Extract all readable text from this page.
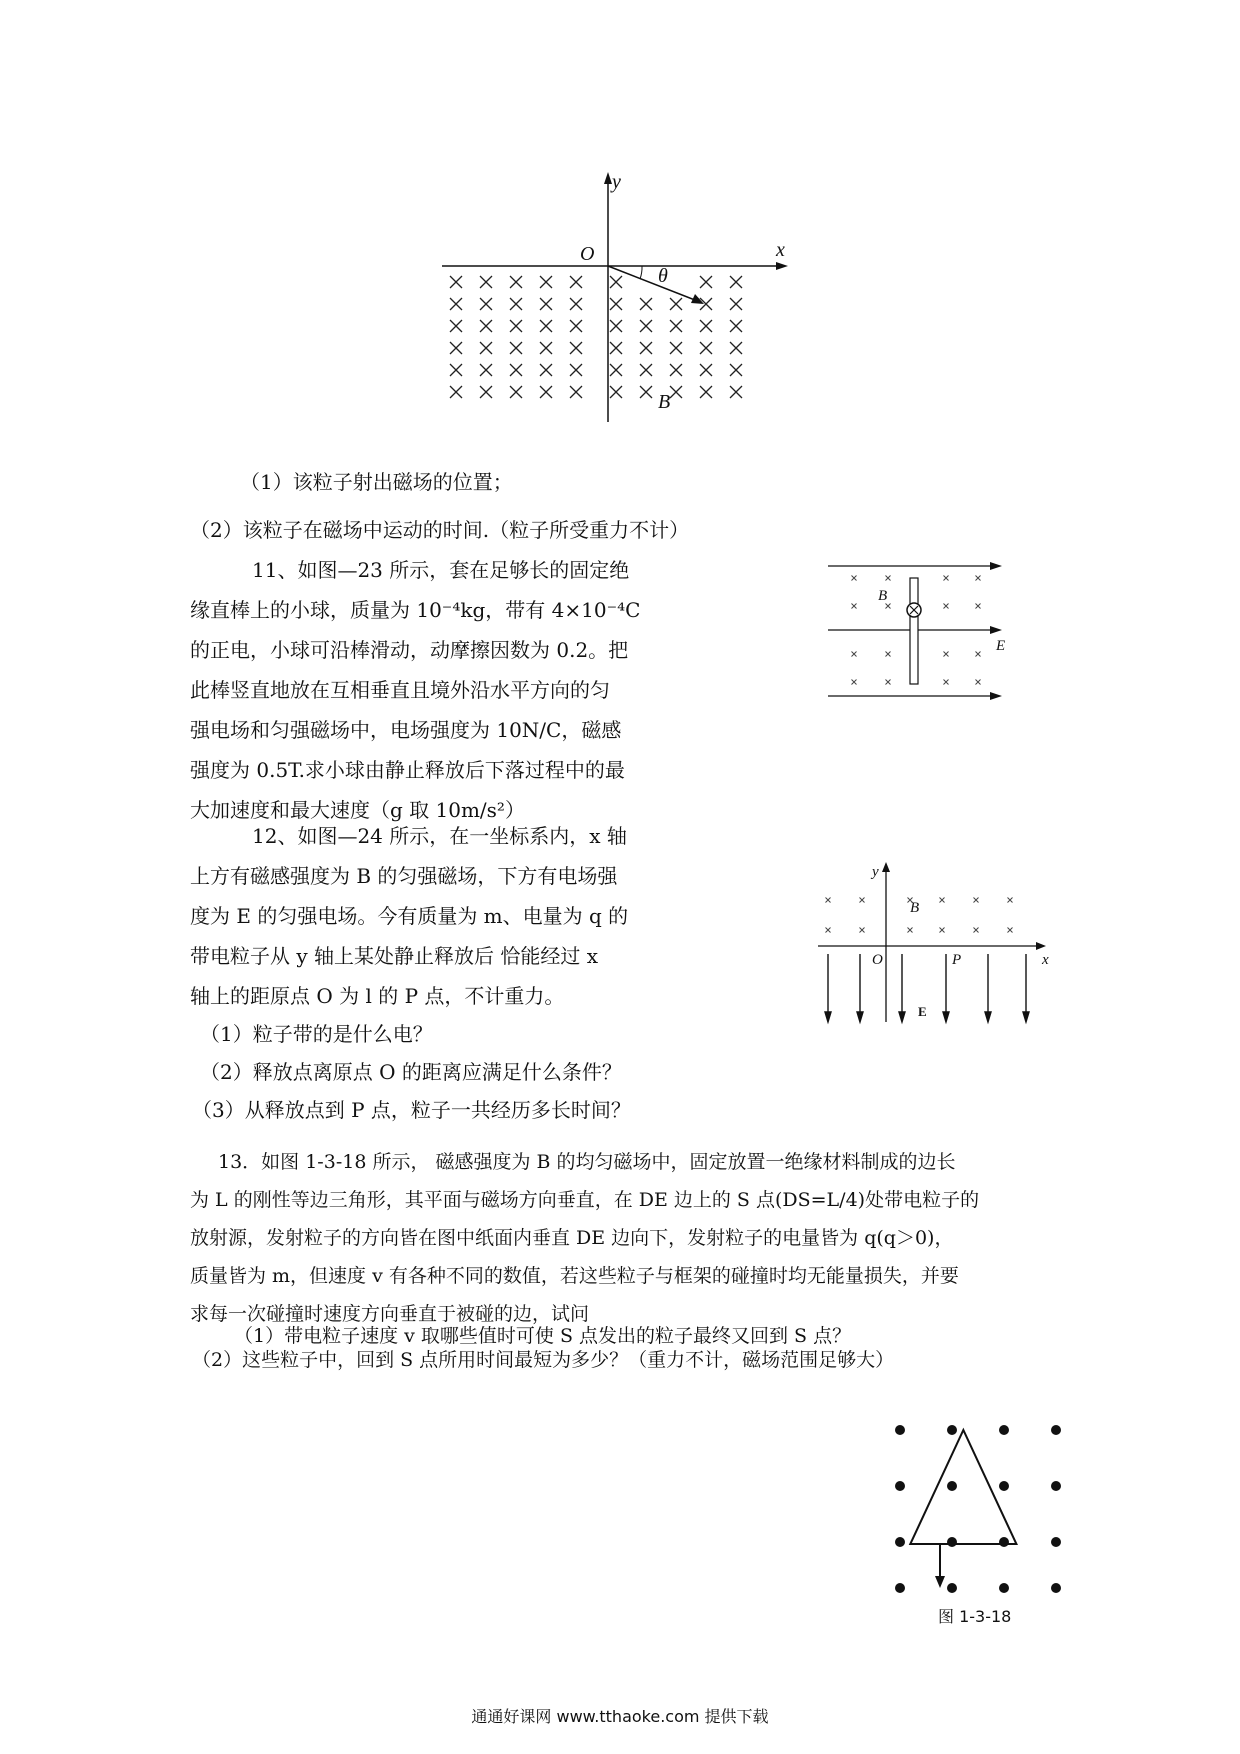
y
x
O
θ
B
（1）该粒子射出磁场的位置；
（2）该粒子在磁场中运动的时间.（粒子所受重力不计）
11、如图—23 所示，套在足够长的固定绝
缘直棒上的小球，质量为 10⁻⁴kg，带有 4×10⁻⁴C
的正电，小球可沿棒滑动，动摩擦因数为 0.2。把
此棒竖直地放在互相垂直且境外沿水平方向的匀
强电场和匀强磁场中，电场强度为 10N/C，磁感
强度为 0.5T.求小球由静止释放后下落过程中的最
大加速度和最大速度（g 取 10m/s²）
B
E
12、如图—24 所示，在一坐标系内，x 轴
上方有磁感强度为 B 的匀强磁场，下方有电场强
度为 E 的匀强电场。今有质量为 m、电量为 q 的
带电粒子从 y 轴上某处静止释放后 恰能经过 x
轴上的距原点 O 为 l 的 P 点，不计重力。
（1）粒子带的是什么电？
（2）释放点离原点 O 的距离应满足什么条件？
（3）从释放点到 P 点，粒子一共经历多长时间？
y
x
O	P
B
E
13．如图 1-3-18 所示， 磁感强度为 B 的均匀磁场中，固定放置一绝缘材料制成的边长
为 L 的刚性等边三角形，其平面与磁场方向垂直，在 DE 边上的 S 点(DS=L/4)处带电粒子的
放射源，发射粒子的方向皆在图中纸面内垂直 DE 边向下，发射粒子的电量皆为 q(q＞0)，
质量皆为 m，但速度 v 有各种不同的数值，若这些粒子与框架的碰撞时均无能量损失，并要
求每一次碰撞时速度方向垂直于被碰的边，试问
（1）带电粒子速度 v 取哪些值时可使 S 点发出的粒子最终又回到 S 点？
（2）这些粒子中，回到 S 点所用时间最短为多少？（重力不计，磁场范围足够大）
图 1-3-18
通通好课网 www.tthaoke.com 提供下载
